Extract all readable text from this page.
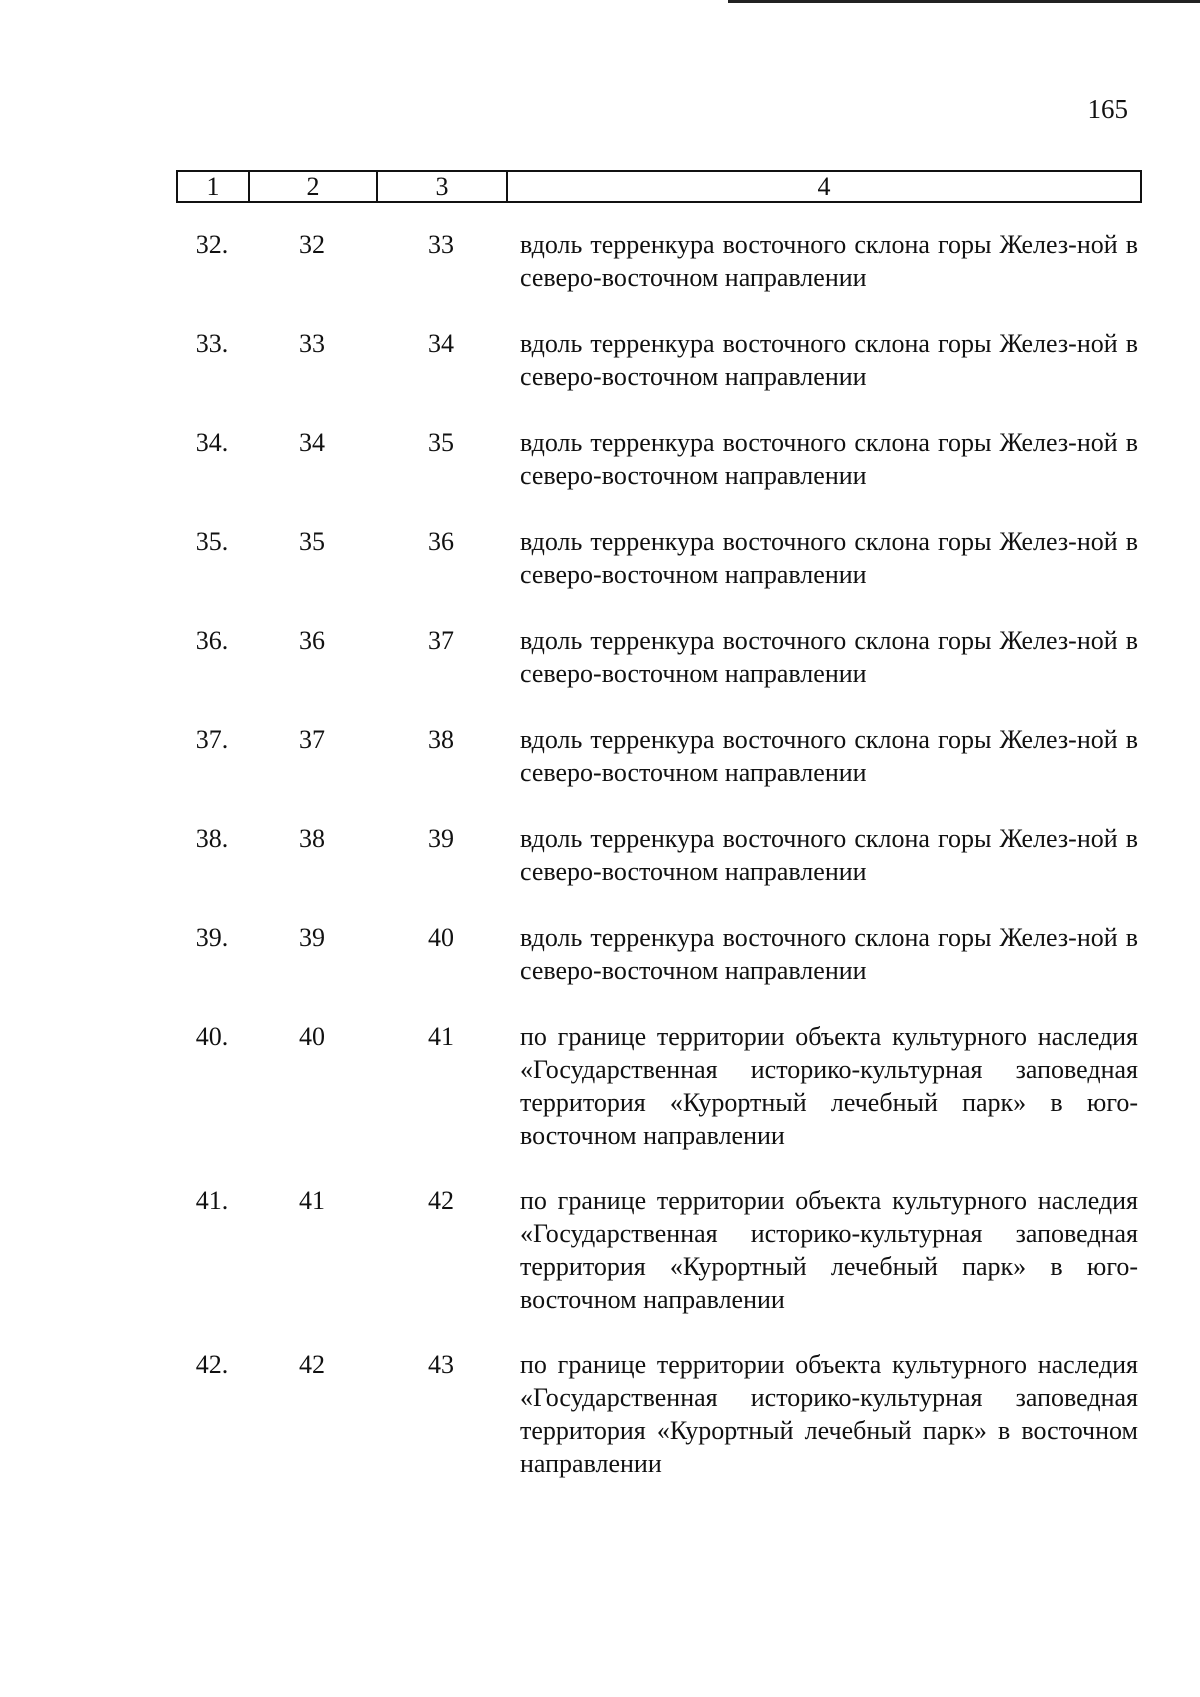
165
1	2	3	4
32.	32	33	вдоль терренкура восточного склона горы Желез-ной в северо-восточном направлении
33.	33	34	вдоль терренкура восточного склона горы Желез-ной в северо-восточном направлении
34.	34	35	вдоль терренкура восточного склона горы Желез-ной в северо-восточном направлении
35.	35	36	вдоль терренкура восточного склона горы Желез-ной в северо-восточном направлении
36.	36	37	вдоль терренкура восточного склона горы Желез-ной в северо-восточном направлении
37.	37	38	вдоль терренкура восточного склона горы Желез-ной в северо-восточном направлении
38.	38	39	вдоль терренкура восточного склона горы Желез-ной в северо-восточном направлении
39.	39	40	вдоль терренкура восточного склона горы Желез-ной в северо-восточном направлении
40.	40	41	по границе территории объекта культурного наследия «Государственная историко-культурная заповедная территория «Курортный лечебный парк» в юго-восточном направлении
41.	41	42	по границе территории объекта культурного наследия «Государственная историко-культурная заповедная территория «Курортный лечебный парк» в юго-восточном направлении
42.	42	43	по границе территории объекта культурного наследия «Государственная историко-культурная заповедная территория «Курортный лечебный парк» в восточном направлении
